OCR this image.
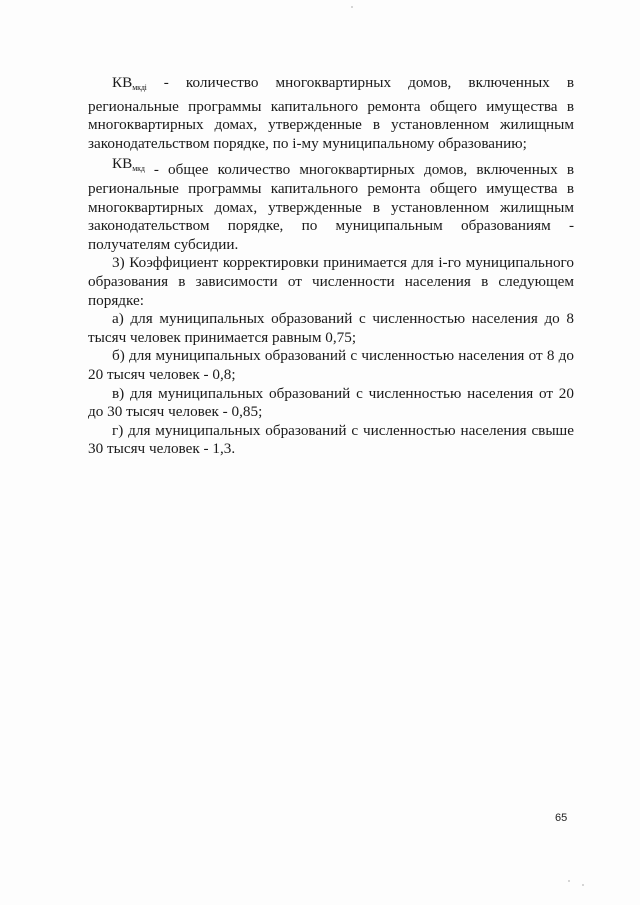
$КВ_{мкдi}$ - количество многоквартирных домов, включенных в региональные программы капитального ремонта общего имущества в многоквартирных домах, утвержденные в установленном жилищным законодательством порядке, по i-му муниципальному образованию;

$КВ_{мкд}$ - общее количество многоквартирных домов, включенных в региональные программы капитального ремонта общего имущества в многоквартирных домах, утвержденные в установленном жилищным законодательством порядке, по муниципальным образованиям - получателям субсидии.

3) Коэффициент корректировки принимается для i-го муниципального образования в зависимости от численности населения в следующем порядке:

а) для муниципальных образований с численностью населения до 8 тысяч человек принимается равным 0,75;

б) для муниципальных образований с численностью населения от 8 до 20 тысяч человек - 0,8;

в) для муниципальных образований с численностью населения от 20 до 30 тысяч человек - 0,85;

г) для муниципальных образований с численностью населения свыше 30 тысяч человек - 1,3.

65
